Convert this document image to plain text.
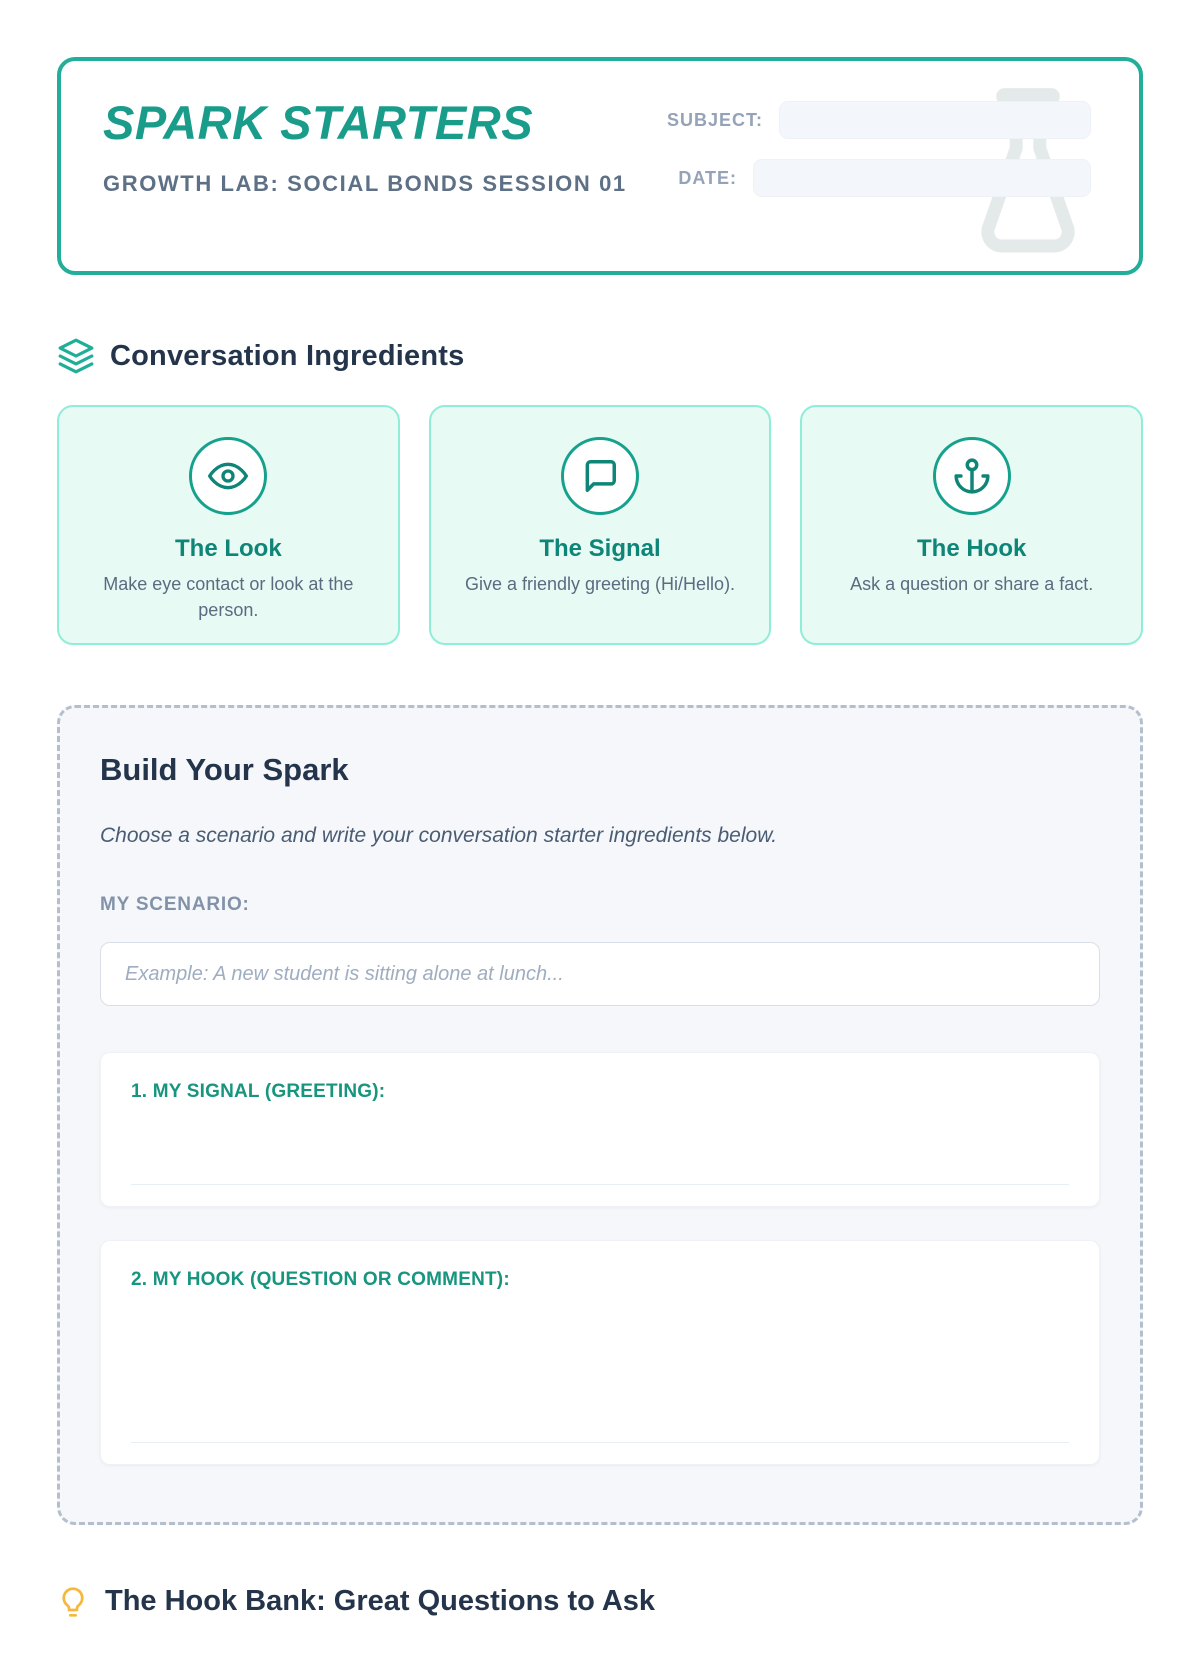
SPARK STARTERS
GROWTH LAB: SOCIAL BONDS SESSION 01
SUBJECT:
DATE:
Conversation Ingredients
The Look
Make eye contact or look at the person.
The Signal
Give a friendly greeting (Hi/Hello).
The Hook
Ask a question or share a fact.
Build Your Spark
Choose a scenario and write your conversation starter ingredients below.
MY SCENARIO:
Example: A new student is sitting alone at lunch...
1. MY SIGNAL (GREETING):
2. MY HOOK (QUESTION OR COMMENT):
The Hook Bank: Great Questions to Ask
